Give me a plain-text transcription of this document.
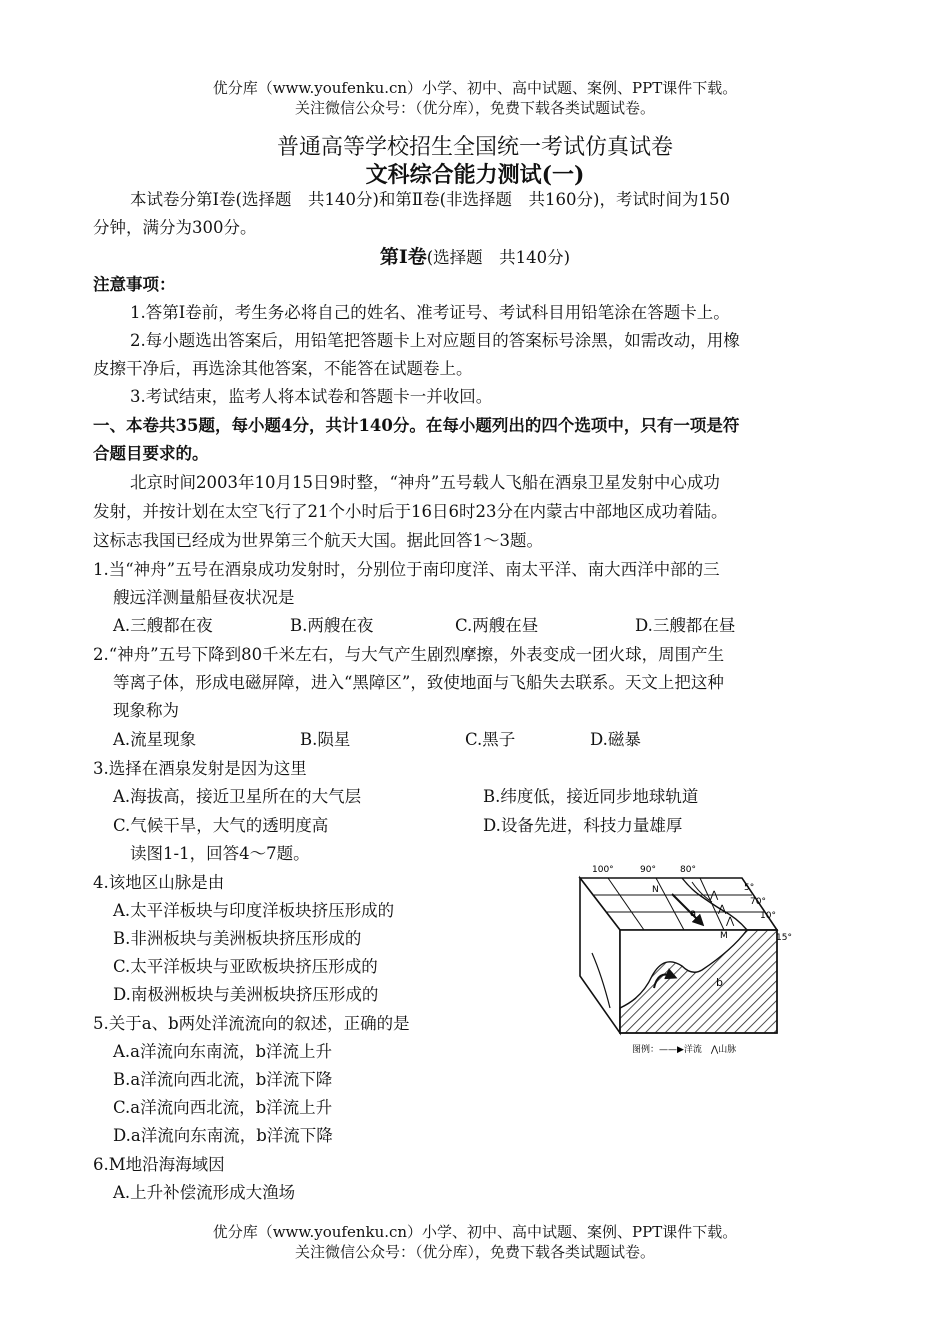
优分库（www.youfenku.cn）小学、初中、高中试题、案例、PPT课件下载。
关注微信公众号：（优分库），免费下载各类试题试卷。
普通高等学校招生全国统一考试仿真试卷
文科综合能力测试(一)
本试卷分第Ⅰ卷(选择题　共140分)和第Ⅱ卷(非选择题　共160分)，考试时间为150
分钟，满分为300分。
第Ⅰ卷(选择题　共140分)
注意事项：
1.答第Ⅰ卷前，考生务必将自己的姓名、准考证号、考试科目用铅笔涂在答题卡上。
2.每小题选出答案后，用铅笔把答题卡上对应题目的答案标号涂黑，如需改动，用橡
皮擦干净后，再选涂其他答案，不能答在试题卷上。
3.考试结束，监考人将本试卷和答题卡一并收回。
一、本卷共35题，每小题4分，共计140分。在每小题列出的四个选项中，只有一项是符
合题目要求的。
北京时间2003年10月15日9时整，“神舟”五号载人飞船在酒泉卫星发射中心成功
发射，并按计划在太空飞行了21个小时后于16日6时23分在内蒙古中部地区成功着陆。
这标志我国已经成为世界第三个航天大国。据此回答1～3题。
1.当“神舟”五号在酒泉成功发射时，分别位于南印度洋、南太平洋、南大西洋中部的三
艘远洋测量船昼夜状况是
A.三艘都在夜	B.两艘在夜	C.两艘在昼	D.三艘都在昼
2.“神舟”五号下降到80千米左右，与大气产生剧烈摩擦，外表变成一团火球，周围产生
等离子体，形成电磁屏障，进入“黑障区”，致使地面与飞船失去联系。天文上把这种
现象称为
A.流星现象	B.陨星	C.黑子	D.磁暴
3.选择在酒泉发射是因为这里
A.海拔高，接近卫星所在的大气层	B.纬度低，接近同步地球轨道
C.气候干旱，大气的透明度高	D.设备先进，科技力量雄厚
读图1-1，回答4～7题。
4.该地区山脉是由
A.太平洋板块与印度洋板块挤压形成的
B.非洲板块与美洲板块挤压形成的
C.太平洋板块与亚欧板块挤压形成的
D.南极洲板块与美洲板块挤压形成的
5.关于a、b两处洋流流向的叙述，正确的是
A.a洋流向东南流，b洋流上升
B.a洋流向西北流，b洋流下降
C.a洋流向西北流，b洋流上升
D.a洋流向东南流，b洋流下降
6.M地沿海海域因
A.上升补偿流形成大渔场
b
⋀
⋀
⋀
a
N
M
100°	90°	80°
5°
70°
10°
15°
图例：——▶洋流　⋀山脉
优分库（www.youfenku.cn）小学、初中、高中试题、案例、PPT课件下载。
关注微信公众号：（优分库），免费下载各类试题试卷。
